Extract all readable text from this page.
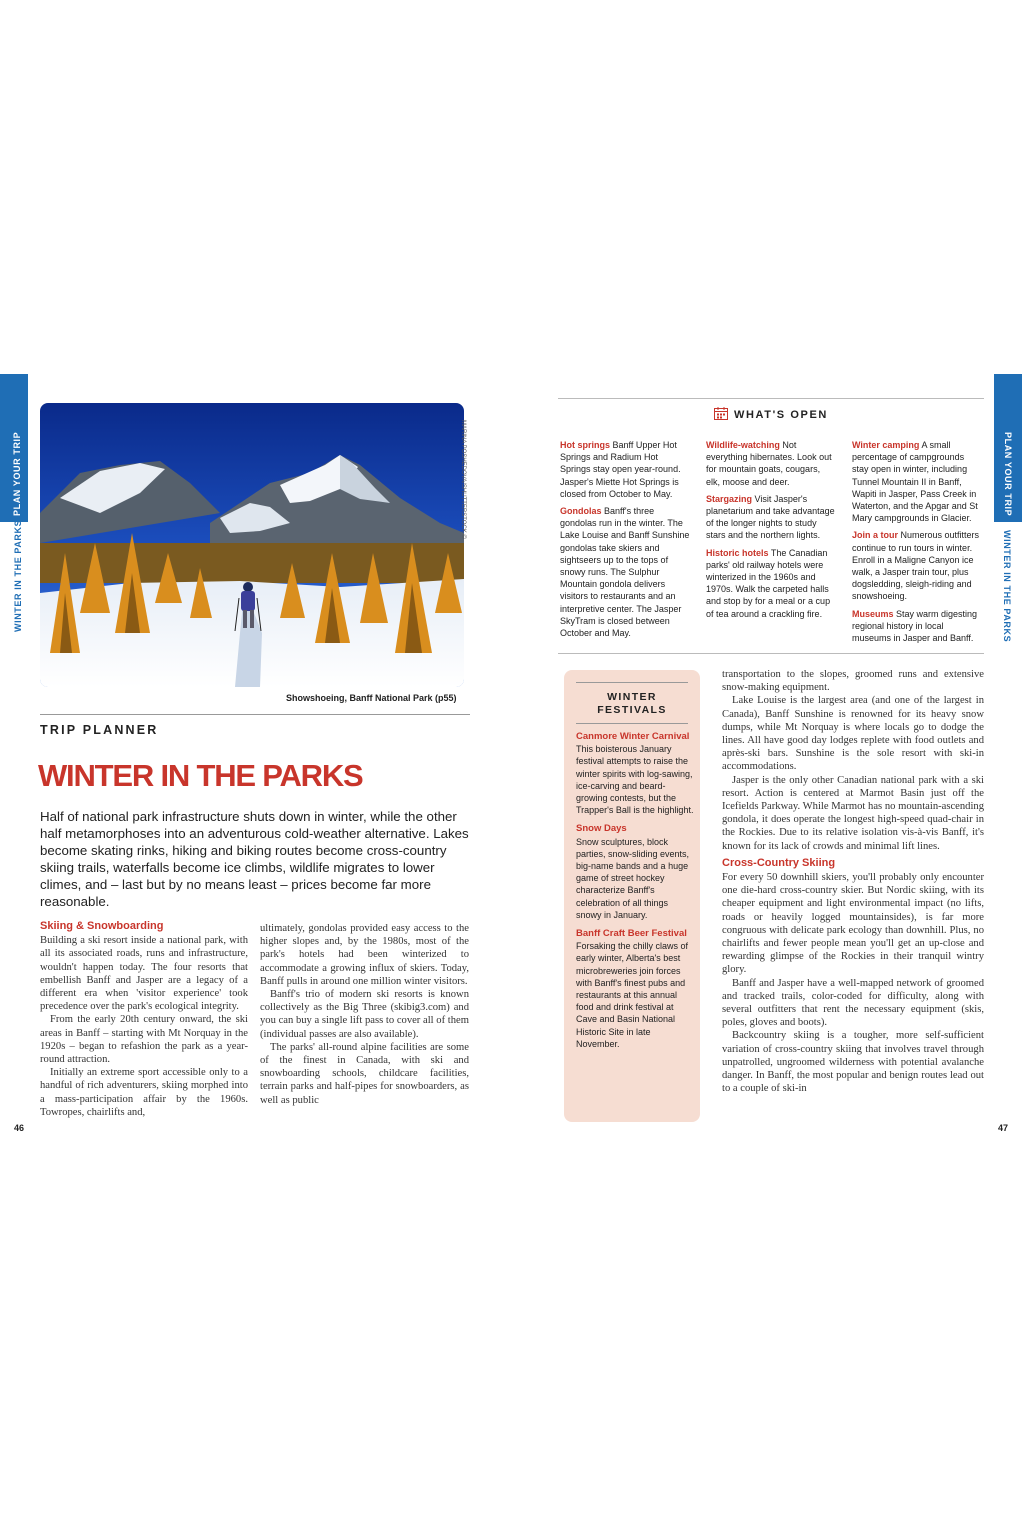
PLAN YOUR TRIP
WINTER IN THE PARKS
MARINA POSHEDOVA/SHUTTERSTOCK ©
Showshoeing, Banff National Park (p55)
TRIP PLANNER
WINTER IN THE PARKS
Half of national park infrastructure shuts down in winter, while the other half metamorphoses into an adventurous cold-weather alternative. Lakes become skating rinks, hiking and biking routes become cross-country skiing trails, waterfalls become ice climbs, wildlife migrates to lower climes, and – last but by no means least – prices become far more reasonable.
Skiing & Snowboarding

Building a ski resort inside a national park, with all its associated roads, runs and infrastructure, wouldn't happen today. The four resorts that embellish Banff and Jasper are a legacy of a different era when 'visitor experience' took precedence over the park's ecological integrity.

From the early 20th century onward, the ski areas in Banff – starting with Mt Norquay in the 1920s – began to refashion the park as a year-round attraction.

Initially an extreme sport accessible only to a handful of rich adventurers, skiing morphed into a mass-participation affair by the 1960s. Towropes, chairlifts and,

ultimately, gondolas provided easy access to the higher slopes and, by the 1980s, most of the park's hotels had been winterized to accommodate a growing influx of skiers. Today, Banff pulls in around one million winter visitors.

Banff's trio of modern ski resorts is known collectively as the Big Three (skibig3.com) and you can buy a single lift pass to cover all of them (individual passes are also available).

The parks' all-round alpine facilities are some of the finest in Canada, with ski and snowboarding schools, childcare facilities, terrain parks and half-pipes for snowboarders, as well as public

46
PLAN YOUR TRIP
WINTER IN THE PARKS
WHAT'S OPEN

Hot springs Banff Upper Hot Springs and Radium Hot Springs stay open year-round. Jasper's Miette Hot Springs is closed from October to May.

Gondolas Banff's three gondolas run in the winter. The Lake Louise and Banff Sunshine gondolas take skiers and sightseers up to the tops of snowy runs. The Sulphur Mountain gondola delivers visitors to restaurants and an interpretive center. The Jasper SkyTram is closed between October and May.

Wildlife-watching Not everything hibernates. Look out for mountain goats, cougars, elk, moose and deer.

Stargazing Visit Jasper's planetarium and take advantage of the longer nights to study stars and the northern lights.

Historic hotels The Canadian parks' old railway hotels were winterized in the 1960s and 1970s. Walk the carpeted halls and stop by for a meal or a cup of tea around a crackling fire.

Winter camping A small percentage of campgrounds stay open in winter, including Tunnel Mountain II in Banff, Wapiti in Jasper, Pass Creek in Waterton, and the Apgar and St Mary campgrounds in Glacier.

Join a tour Numerous outfitters continue to run tours in winter. Enroll in a Maligne Canyon ice walk, a Jasper train tour, plus dogsledding, sleigh-riding and snowshoeing.

Museums Stay warm digesting regional history in local museums in Jasper and Banff.

WINTER FESTIVALS

Canmore Winter Carnival
This boisterous January festival attempts to raise the winter spirits with log-sawing, ice-carving and beard-growing contests, but the Trapper's Ball is the highlight.

Snow Days
Snow sculptures, block parties, snow-sliding events, big-name bands and a huge game of street hockey characterize Banff's celebration of all things snowy in January.

Banff Craft Beer Festival
Forsaking the chilly claws of early winter, Alberta's best microbreweries join forces with Banff's finest pubs and restaurants at this annual food and drink festival at Cave and Basin National Historic Site in late November.

transportation to the slopes, groomed runs and extensive snow-making equipment.

Lake Louise is the largest area (and one of the largest in Canada), Banff Sunshine is renowned for its heavy snow dumps, while Mt Norquay is where locals go to dodge the lines. All have good day lodges replete with food outlets and après-ski bars. Sunshine is the sole resort with ski-in accommodations.

Jasper is the only other Canadian national park with a ski resort. Action is centered at Marmot Basin just off the Icefields Parkway. While Marmot has no mountain-ascending gondola, it does operate the longest high-speed quad-chair in the Rockies. Due to its relative isolation vis-à-vis Banff, it's known for its lack of crowds and minimal lift lines.

Cross-Country Skiing

For every 50 downhill skiers, you'll probably only encounter one die-hard cross-country skier. But Nordic skiing, with its cheaper equipment and light environmental impact (no lifts, roads or heavily logged mountainsides), is far more congruous with delicate park ecology than downhill. Plus, no chairlifts and fewer people mean you'll get an up-close and rewarding glimpse of the Rockies in their tranquil wintry glory.

Banff and Jasper have a well-mapped network of groomed and tracked trails, color-coded for difficulty, along with several outfitters that rent the necessary equipment (skis, poles, gloves and boots).

Backcountry skiing is a tougher, more self-sufficient variation of cross-country skiing that involves travel through unpatrolled, ungroomed wilderness with potential avalanche danger. In Banff, the most popular and benign routes lead out to a couple of ski-in

47
